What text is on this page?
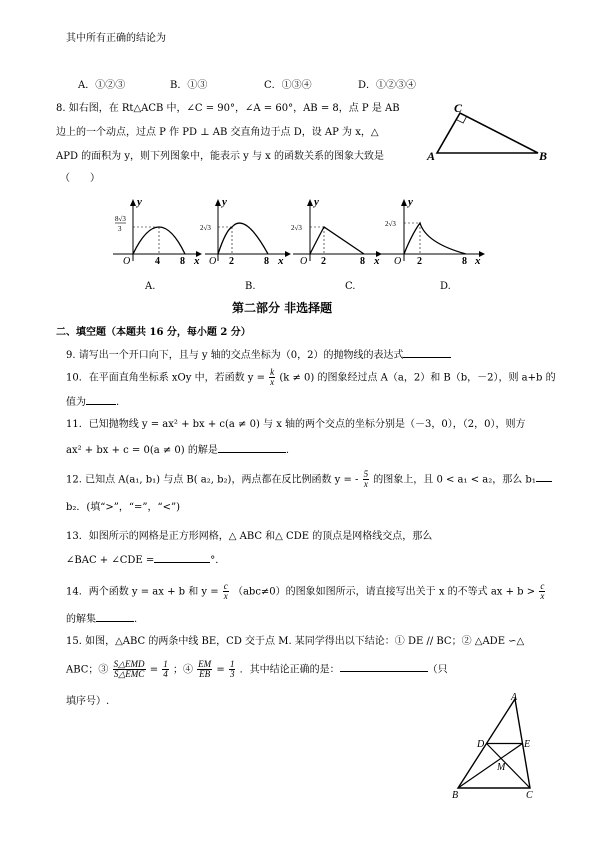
其中所有正确的结论为
A．①②③	B．①③	C．①③④	D．①②③④
8. 如右图，在 Rt△ACB 中，∠C = 90°，∠A = 60°，AB = 8，点 P 是 AB
边上的一个动点，过点 P 作 PD ⊥ AB 交直角边于点 D，设 AP 为 x，△
APD 的面积为 y，则下列图象中，能表示 y 与 x 的函数关系的图象大致是
（　　）
A
C
B
y
8√3
3
O 4 8 x
A.
y
2√3
O 2	8 x
B.
y
2√3
O 2	8 x
C.
y
2√3
O 2	8 x
D.
第二部分 非选择题
二、填空题（本题共 16 分，每小题 2 分）
9. 请写出一个开口向下，且与 y 轴的交点坐标为（0，2）的抛物线的表达式
10．在平面直角坐标系 xOy 中，若函数 $y = \frac{k}{x} (k \ne 0)$ 的图象经过点 A（a，2）和 B（b，－2），则 a+b 的
值为	.
11．已知抛物线 y = ax² + bx + c(a ≠ 0) 与 x 轴的两个交点的坐标分别是（－3，0），（2，0），则方
ax² + bx + c = 0(a ≠ 0) 的解是	.
12. 已知点 A(a₁, b₁) 与点 B( a₂, b₂)，两点都在反比例函数 y = - $\frac{5}{x}$ 的图象上，且 0 < a₁ < a₂，那么 b₁
b₂．(填“>”，“=”，“<”)
13．如图所示的网格是正方形网格，△ ABC 和△ CDE 的顶点是网格线交点，那么
∠BAC + ∠CDE =	°．
14．两个函数 y = ax + b 和 $y = \frac{c}{x} (abc\ne 0)$的图象如图所示，请直接写出关于 x 的不等式 ax + $b > \frac{c}{x}$
的解集	.
15. 如图，△ABC 的两条中线 BE，CD 交于点 M. 某同学得出以下结论：① DE // BC；② △ADE ∽△
ABC；③ $\frac{\text{S△EMD}}{\text{S△EMC}} = \frac{1}{4}$ ；④ $\frac{EM}{EB} = \frac{1}{3}$ ．其中结论正确的是：	（只
填序号）.	A
D	E
M
B	C
